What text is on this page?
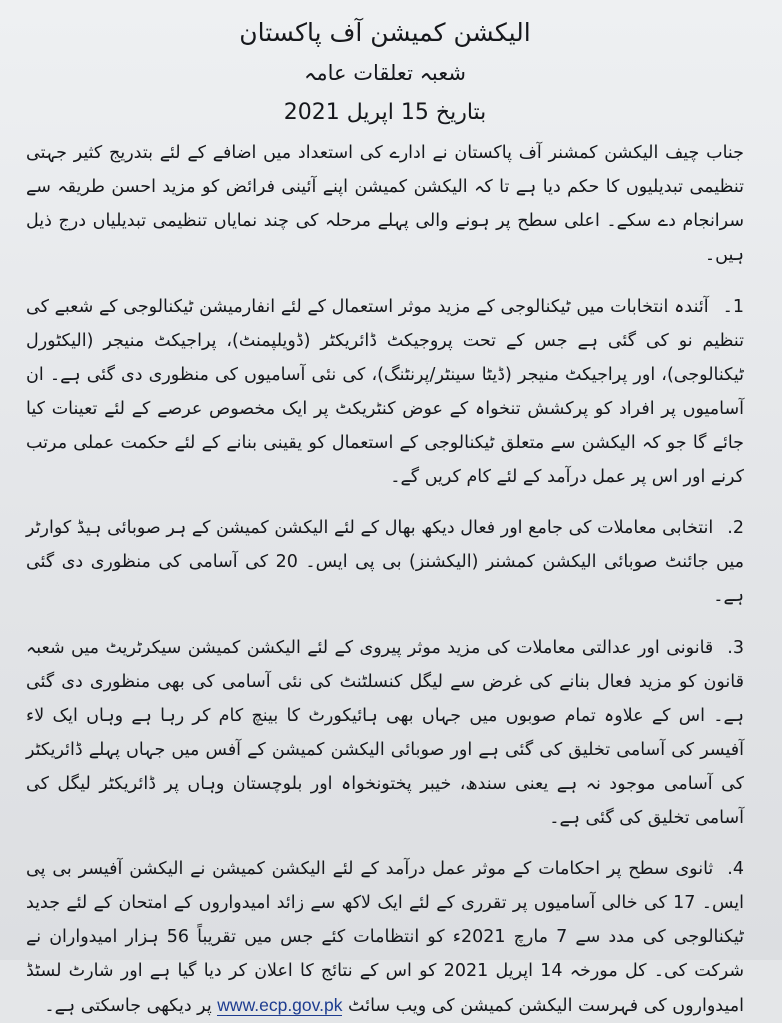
الیکشن کمیشن آف پاکستان
شعبہ تعلقات عامہ
بتاریخ 15 اپریل 2021

جناب چیف الیکشن کمشنر آف پاکستان نے ادارے کی استعداد میں اضافے کے لئے بتدریج کثیر جہتی تنظیمی تبدیلیوں کا حکم دیا ہے تا کہ الیکشن کمیشن اپنے آئینی فرائض کو مزید احسن طریقہ سے سرانجام دے سکے۔ اعلی سطح پر ہونے والی پہلے مرحلہ کی چند نمایاں تنظیمی تبدیلیاں درج ذیل ہیں۔

1۔آئندہ انتخابات میں ٹیکنالوجی کے مزید موثر استعمال کے لئے انفارمیشن ٹیکنالوجی کے شعبے کی تنظیم نو کی گئی ہے جس کے تحت پروجیکٹ ڈائریکٹر (ڈویلپمنٹ)، پراجیکٹ منیجر (الیکٹورل ٹیکنالوجی)، اور پراجیکٹ منیجر (ڈیٹا سینٹر/پرنٹنگ)، کی نئی آسامیوں کی منظوری دی گئی ہے۔ ان آسامیوں پر افراد کو پرکشش تنخواہ کے عوض کنٹریکٹ پر ایک مخصوص عرصے کے لئے تعینات کیا جائے گا جو کہ الیکشن سے متعلق ٹیکنالوجی کے استعمال کو یقینی بنانے کے لئے حکمت عملی مرتب کرنے اور اس پر عمل درآمد کے لئے کام کریں گے۔

2.انتخابی معاملات کی جامع اور فعال دیکھ بھال کے لئے الیکشن کمیشن کے ہر صوبائی ہیڈ کوارٹر میں جائنٹ صوبائی الیکشن کمشنر (الیکشنز) بی پی ایس۔ 20 کی آسامی کی منظوری دی گئی ہے۔

3.قانونی اور عدالتی معاملات کی مزید موثر پیروی کے لئے الیکشن کمیشن سیکرٹریٹ میں شعبہ قانون کو مزید فعال بنانے کی غرض سے لیگل کنسلٹنٹ کی نئی آسامی کی بھی منظوری دی گئی ہے۔ اس کے علاوہ تمام صوبوں میں جہاں بھی ہائیکورٹ کا بینچ کام کر رہا ہے وہاں ایک لاء آفیسر کی آسامی تخلیق کی گئی ہے اور صوبائی الیکشن کمیشن کے آفس میں جہاں پہلے ڈائریکٹر کی آسامی موجود نہ ہے یعنی سندھ، خیبر پختونخواہ اور بلوچستان وہاں پر ڈائریکٹر لیگل کی آسامی تخلیق کی گئی ہے۔

4.ثانوی سطح پر احکامات کے موثر عمل درآمد کے لئے الیکشن کمیشن نے الیکشن آفیسر بی پی ایس۔ 17 کی خالی آسامیوں پر تقرری کے لئے ایک لاکھ سے زائد امیدواروں کے امتحان کے لئے جدید ٹیکنالوجی کی مدد سے 7 مارچ 2021ء کو انتظامات کئے جس میں تقریباً 56 ہزار امیدواران نے شرکت کی۔ کل مورخہ 14 اپریل 2021 کو اس کے نتائج کا اعلان کر دیا گیا ہے اور شارٹ لسٹڈ امیدواروں کی فہرست الیکشن کمیشن کی ویب سائٹ www.ecp.gov.pk پر دیکھی جاسکتی ہے۔
